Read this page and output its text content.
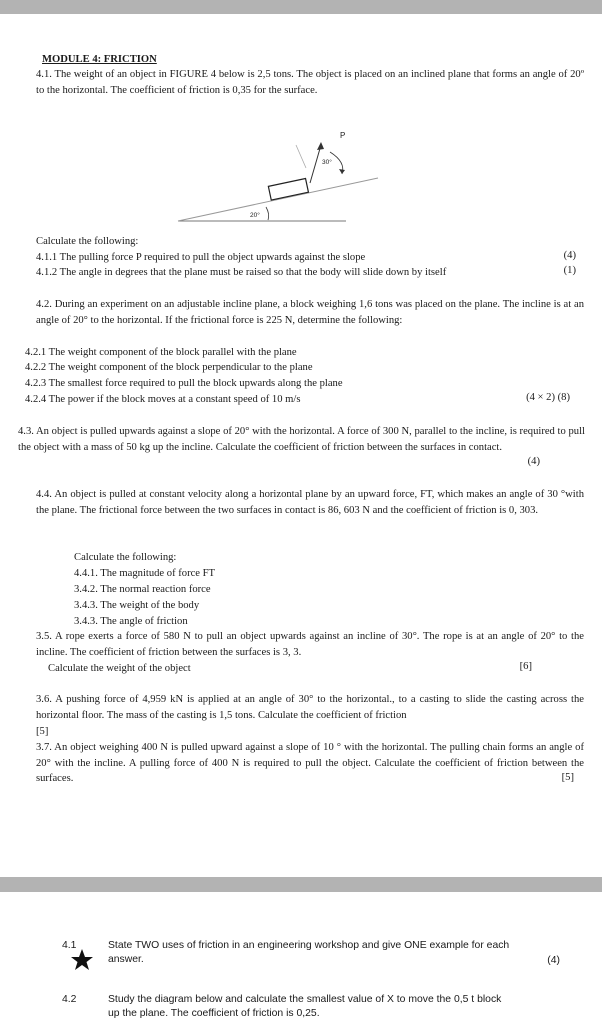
MODULE 4: FRICTION
4.1. The weight of an object in FIGURE 4 below is 2,5 tons. The object is placed on an inclined plane that forms an angle of 20º to the horizontal. The coefficient of friction is 0,35 for the surface.
P
30°
20°
Calculate the following:
4.1.1 The pulling force P required to pull the object upwards against the slope	(4)
4.1.2 The angle in degrees that the plane must be raised so that the body will slide down by itself	(1)
4.2. During an experiment on an adjustable incline plane, a block weighing 1,6 tons was placed on the plane. The incline is at an angle of 20° to the horizontal. If the frictional force is 225 N, determine the following:
4.2.1 The weight component of the block parallel with the plane
4.2.2 The weight component of the block perpendicular to the plane
4.2.3 The smallest force required to pull the block upwards along the plane
4.2.4 The power if the block moves at a constant speed of 10 m/s	(4 × 2) (8)
4.3. An object is pulled upwards against a slope of 20° with the horizontal. A force of 300 N, parallel to the incline, is required to pull the object with a mass of 50 kg up the incline. Calculate the coefficient of friction between the surfaces in contact.
(4)
4.4. An object is pulled at constant velocity along a horizontal plane by an upward force, FT, which makes an angle of 30 °with the plane. The frictional force between the two surfaces in contact is 86, 603 N and the coefficient of friction is 0, 303.
Calculate the following:
4.4.1. The magnitude of force FT
3.4.2. The normal reaction force
3.4.3. The weight of the body
3.4.3. The angle of friction
3.5. A rope exerts a force of 580 N to pull an object upwards against an incline of 30°. The rope is at an angle of 20° to the incline. The coefficient of friction between the surfaces is 3, 3.
Calculate the weight of the object	[6]
3.6. A pushing force of 4,959 kN is applied at an angle of 30° to the horizontal., to a casting to slide the casting across the horizontal floor. The mass of the casting is 1,5 tons. Calculate the coefficient of friction
[5]
3.7. An object weighing 400 N is pulled upward against a slope of 10 ° with the horizontal. The pulling chain forms an angle of 20° with the incline. A pulling force of 400 N is required to pull the object. Calculate the coefficient of friction between the surfaces.	[5]
4.1	State TWO uses of friction in an engineering workshop and give ONE example for each answer.	(4)
4.2	Study the diagram below and calculate the smallest value of X to move the 0,5 t block up the plane. The coefficient of friction is 0,25.
